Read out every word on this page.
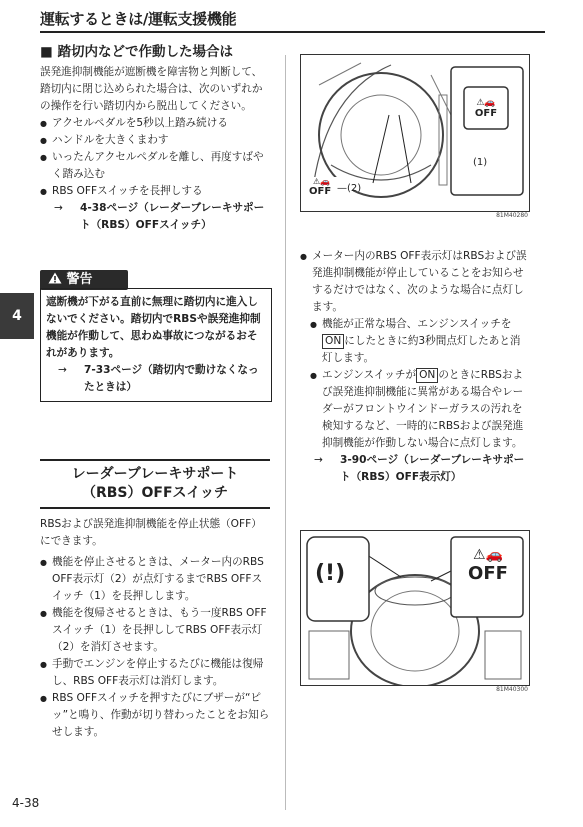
運転するときは/運転支援機能
4
■ 踏切内などで作動した場合は
誤発進抑制機能が遮断機を障害物と判断して、踏切内に閉じ込められた場合は、次のいずれかの操作を行い踏切内から脱出してください。
● アクセルペダルを5秒以上踏み続ける
● ハンドルを大きくまわす
● いったんアクセルペダルを離し、再度すばやく踏み込む
● RBS OFFスイッチを長押しする
→ 4-38ページ（レーダーブレーキサポート（RBS）OFFスイッチ）
警告
遮断機が下がる直前に無理に踏切内に進入しないでください。踏切内でRBSや誤発進抑制機能が作動して、思わぬ事故につながるおそれがあります。
→ 7-33ページ（踏切内で動けなくなったときは）
レーダーブレーキサポート（RBS）OFFスイッチ
RBSおよび誤発進抑制機能を停止状態（OFF）にできます。
● 機能を停止させるときは、メーター内のRBS OFF表示灯（2）が点灯するまでRBS OFFスイッチ（1）を長押しします。
● 機能を復帰させるときは、もう一度RBS OFFスイッチ（1）を長押ししてRBS OFF表示灯（2）を消灯させます。
● 手動でエンジンを停止するたびに機能は復帰し、RBS OFF表示灯は消灯します。
● RBS OFFスイッチを押すたびにブザーが“ピッ”と鳴り、作動が切り替わったことをお知らせします。
4-38
⚠🚗
OFF
(1)
⚠🚗
OFF —(2)
81M40280
● メーター内のRBS OFF表示灯はRBSおよび誤発進抑制機能が停止していることをお知らせするだけではなく、次のような場合に点灯します。
● 機能が正常な場合、エンジンスイッチをON にしたときに約3秒間点灯したあと消灯します。
● エンジンスイッチが ON のときにRBSおよび誤発進抑制機能に異常がある場合やレーダーがフロントウインドーガラスの汚れを検知するなど、一時的にRBSおよび誤発進抑制機能が作動しない場合に点灯します。
→ 3-90ページ（レーダーブレーキサポート（RBS）OFF表示灯）
(!)
⚠🚗
OFF
81M40300
